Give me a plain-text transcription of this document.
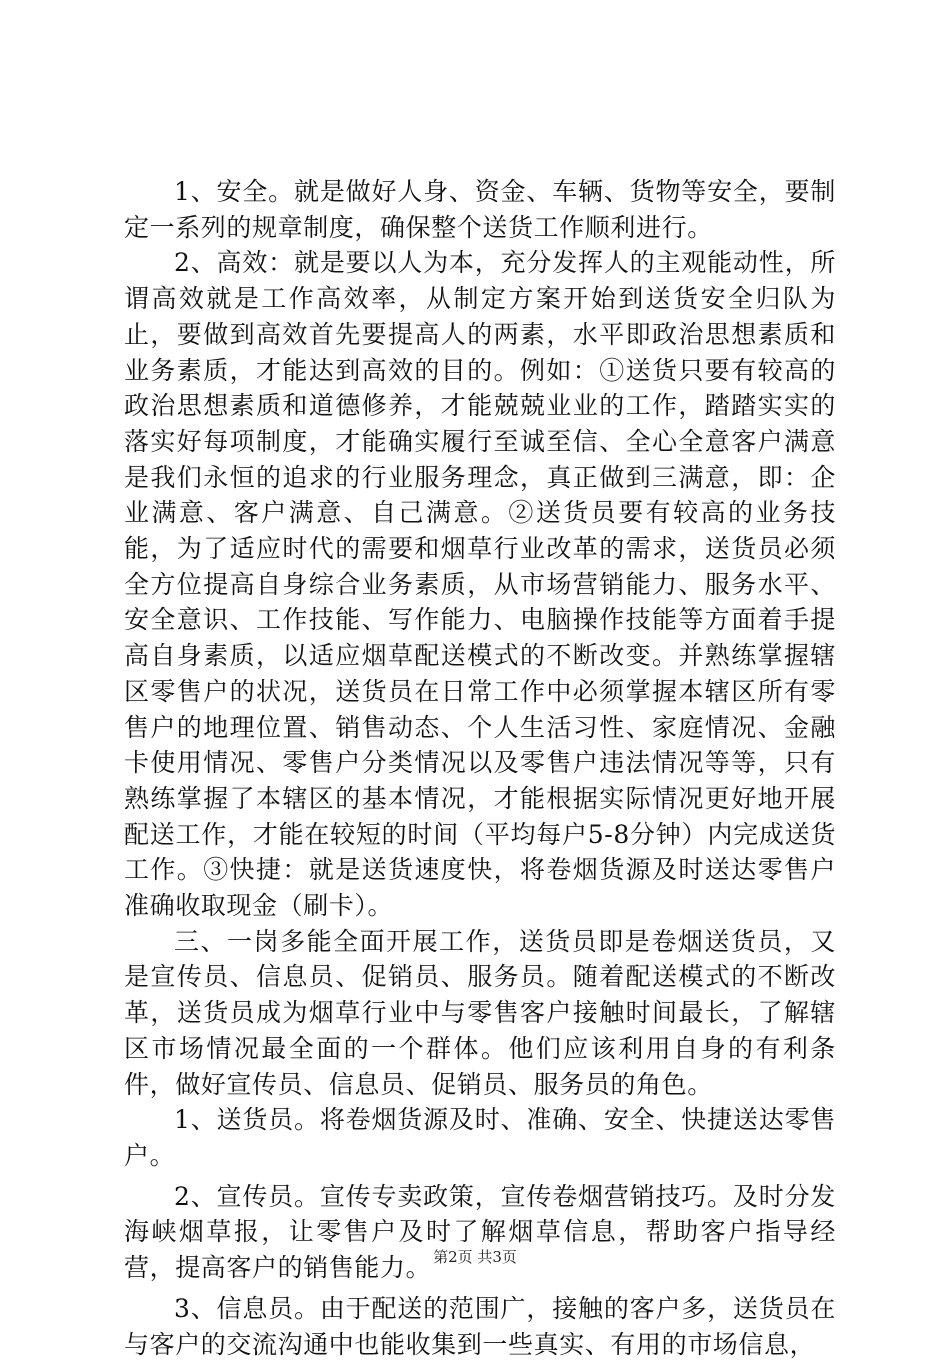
1、安全。就是做好人身、资金、车辆、货物等安全，要制定一系列的规章制度，确保整个送货工作顺利进行。

2、高效：就是要以人为本，充分发挥人的主观能动性，所谓高效就是工作高效率，从制定方案开始到送货安全归队为止，要做到高效首先要提高人的两素，水平即政治思想素质和业务素质，才能达到高效的目的。例如：①送货只要有较高的政治思想素质和道德修养，才能兢兢业业的工作，踏踏实实的落实好每项制度，才能确实履行至诚至信、全心全意客户满意是我们永恒的追求的行业服务理念，真正做到三满意，即：企业满意、客户满意、自己满意。②送货员要有较高的业务技能，为了适应时代的需要和烟草行业改革的需求，送货员必须全方位提高自身综合业务素质，从市场营销能力、服务水平、安全意识、工作技能、写作能力、电脑操作技能等方面着手提高自身素质，以适应烟草配送模式的不断改变。并熟练掌握辖区零售户的状况，送货员在日常工作中必须掌握本辖区所有零售户的地理位置、销售动态、个人生活习性、家庭情况、金融卡使用情况、零售户分类情况以及零售户违法情况等等，只有熟练掌握了本辖区的基本情况，才能根据实际情况更好地开展配送工作，才能在较短的时间（平均每户5-8分钟）内完成送货工作。③快捷：就是送货速度快，将卷烟货源及时送达零售户准确收取现金（刷卡）。

三、一岗多能全面开展工作，送货员即是卷烟送货员，又是宣传员、信息员、促销员、服务员。随着配送模式的不断改革，送货员成为烟草行业中与零售客户接触时间最长，了解辖区市场情况最全面的一个群体。他们应该利用自身的有利条件，做好宣传员、信息员、促销员、服务员的角色。

1、送货员。将卷烟货源及时、准确、安全、快捷送达零售户。

2、宣传员。宣传专卖政策，宣传卷烟营销技巧。及时分发海峡烟草报，让零售户及时了解烟草信息，帮助客户指导经营，提高客户的销售能力。

3、信息员。由于配送的范围广，接触的客户多，送货员在与客户的交流沟通中也能收集到一些真实、有用的市场信息，

第2页 共3页
